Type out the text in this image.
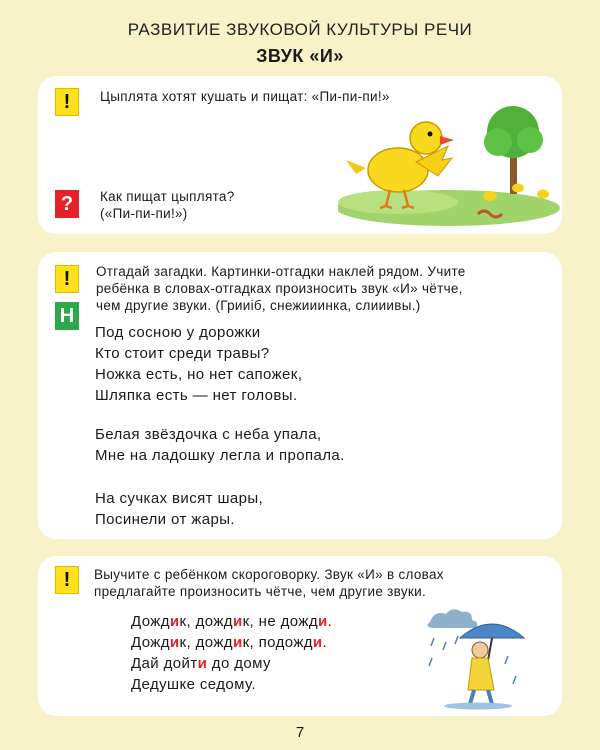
РАЗВИТИЕ ЗВУКОВОЙ КУЛЬТУРЫ РЕЧИ
ЗВУК «И»
!	Цыплята хотят кушать и пищат: «Пи-пи-пи!»
?	Как пищат цыплята?
(«Пи-пи-пи!»)
!
Н
Отгадай загадки. Картинки-отгадки наклей рядом. Учите
ребёнка в словах-отгадках произносить звук «И» чётче,
чем другие звуки. (Грииіб, снежииинка, слииивы.)
Под сосною у дорожки
Кто стоит среди травы?
Ножка есть, но нет сапожек,
Шляпка есть — нет головы.
Белая звёздочка с неба упала,
Мне на ладошку легла и пропала.
На сучках висят шары,
Посинели от жары.
!	Выучите с ребёнком скороговорку. Звук «И» в словах
предлагайте произносить чётче, чем другие звуки.
Дождик, дождик, не дожди.
Дождик, дождик, подожди.
Дай дойти до дому
Дедушке седому.
7
